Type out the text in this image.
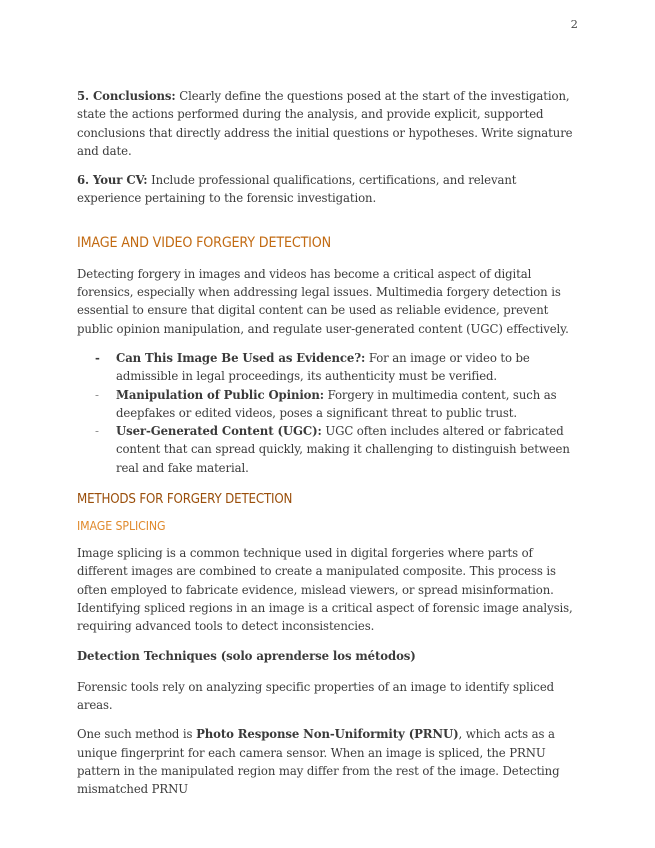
2

5. Conclusions: Clearly define the questions posed at the start of the investigation, state the actions performed during the analysis, and provide explicit, supported conclusions that directly address the initial questions or hypotheses. Write signature and date.

6. Your CV: Include professional qualifications, certifications, and relevant experience pertaining to the forensic investigation.

IMAGE AND VIDEO FORGERY DETECTION

Detecting forgery in images and videos has become a critical aspect of digital forensics, especially when addressing legal issues. Multimedia forgery detection is essential to ensure that digital content can be used as reliable evidence, prevent public opinion manipulation, and regulate user-generated content (UGC) effectively.

-	Can This Image Be Used as Evidence?: For an image or video to be admissible in legal proceedings, its authenticity must be verified.
-	Manipulation of Public Opinion: Forgery in multimedia content, such as deepfakes or edited videos, poses a significant threat to public trust.
-	User-Generated Content (UGC): UGC often includes altered or fabricated content that can spread quickly, making it challenging to distinguish between real and fake material.
METHODS FOR FORGERY DETECTION
IMAGE SPLICING

Image splicing is a common technique used in digital forgeries where parts of different images are combined to create a manipulated composite. This process is often employed to fabricate evidence, mislead viewers, or spread misinformation. Identifying spliced regions in an image is a critical aspect of forensic image analysis, requiring advanced tools to detect inconsistencies.

Detection Techniques (solo aprenderse los métodos)

Forensic tools rely on analyzing specific properties of an image to identify spliced areas.

One such method is Photo Response Non-Uniformity (PRNU), which acts as a unique fingerprint for each camera sensor. When an image is spliced, the PRNU pattern in the manipulated region may differ from the rest of the image. Detecting mismatched PRNU
